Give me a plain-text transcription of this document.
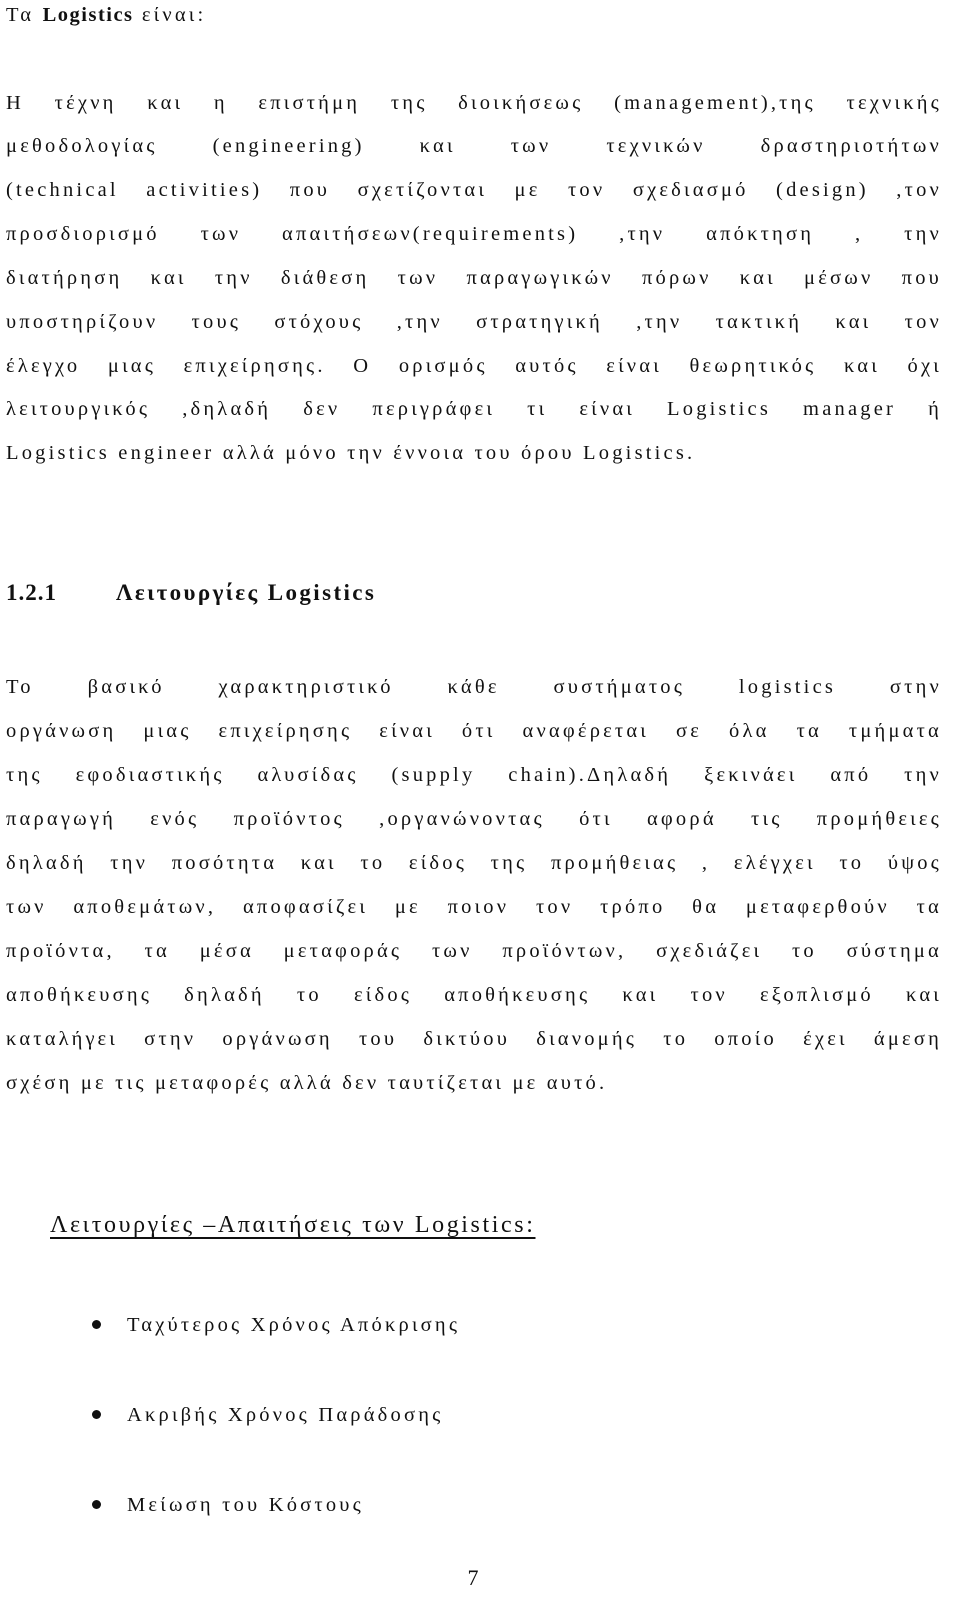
Τα Logistics είναι:
Η τέχνη και η επιστήμη της διοικήσεως (management),της τεχνικής
μεθοδολογίας (engineering) και των τεχνικών δραστηριοτήτων
(technical activities) που σχετίζονται με τον σχεδιασμό (design) ,τον
προσδιορισμό των απαιτήσεων(requirements) ,την απόκτηση , την
διατήρηση και την διάθεση των παραγωγικών πόρων και μέσων που
υποστηρίζουν τους στόχους ,την στρατηγική ,την τακτική και τον
έλεγχο μιας επιχείρησης. Ο ορισμός αυτός είναι θεωρητικός και όχι
λειτουργικός ,δηλαδή δεν περιγράφει τι είναι Logistics manager ή
Logistics engineer αλλά μόνο την έννοια του όρου Logistics.
1.2.1	Λειτουργίες Logistics
Το βασικό χαρακτηριστικό κάθε συστήματος logistics στην
οργάνωση μιας επιχείρησης είναι ότι αναφέρεται σε όλα τα τμήματα
της εφοδιαστικής αλυσίδας (supply chain).Δηλαδή ξεκινάει από την
παραγωγή ενός προϊόντος ,οργανώνοντας ότι αφορά τις προμήθειες
δηλαδή την ποσότητα και το είδος της προμήθειας , ελέγχει το ύψος
των αποθεμάτων, αποφασίζει με ποιον τον τρόπο θα μεταφερθούν τα
προϊόντα, τα μέσα μεταφοράς των προϊόντων, σχεδιάζει το σύστημα
αποθήκευσης δηλαδή το είδος αποθήκευσης και τον εξοπλισμό και
καταλήγει στην οργάνωση του δικτύου διανομής το οποίο έχει άμεση
σχέση με τις μεταφορές αλλά δεν ταυτίζεται με αυτό.
Λειτουργίες –Απαιτήσεις των Logistics:
Ταχύτερος Χρόνος Απόκρισης
Ακριβής Χρόνος Παράδοσης
Μείωση του Κόστους
7
